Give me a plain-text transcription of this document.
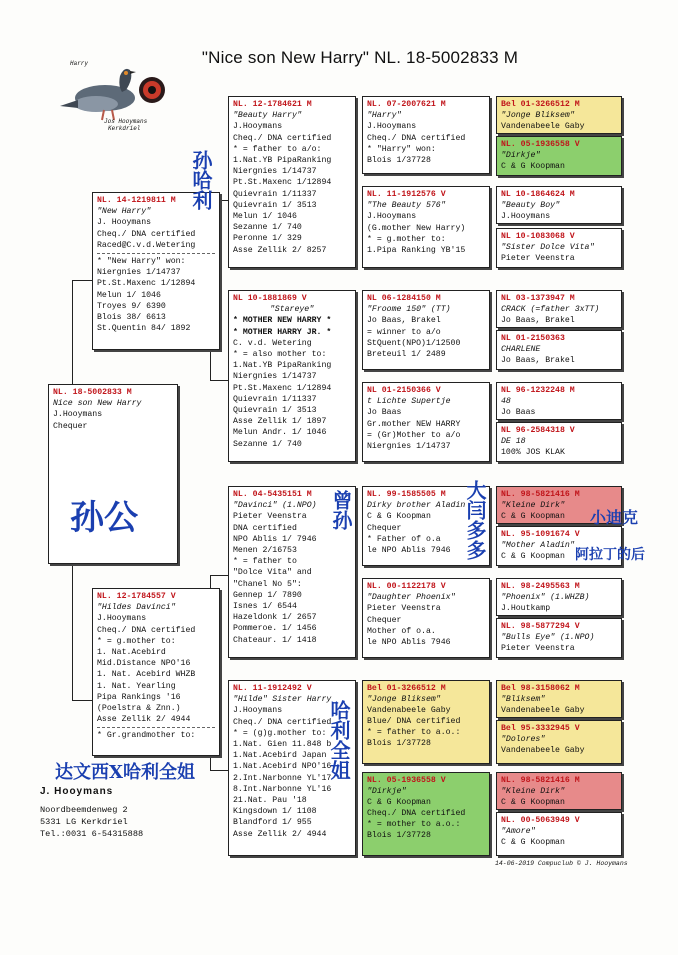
"Nice son New Harry" NL. 18-5002833 M
Harry
Jos Hooymans
Kerkdriel
NL. 18-5002833 M
Nice son New Harry
J.Hooymans
Chequer
NL. 14-1219811 M
"New Harry"
J. Hooymans
Cheq./ DNA certified
Raced@C.v.d.Wetering
* "New Harry" won:
Niergnies 1/14737
Pt.St.Maxenc 1/12894
Melun 1/ 1046
Troyes 9/ 6390
Blois 38/ 6613
St.Quentin 84/ 1892
NL. 12-1784557 V
"Hildes Davinci"
J.Hooymans
Cheq./ DNA certified
* = g.mother to:
1. Nat.Acebird
Mid.Distance NPO'16
1. Nat. Acebird WHZB
1. Nat. Yearling
Pipa Rankings '16
(Poelstra & Znn.)
Asse Zellik 2/ 4944
* Gr.grandmother to:
NL. 12-1784621 M
"Beauty Harry"
J.Hooymans
Cheq./ DNA certified
* = father to a/o:
1.Nat.YB PipaRanking
Niergnies 1/14737
Pt.St.Maxenc 1/12894
Quievrain 1/11337
Quievrain 1/ 3513
Melun 1/ 1046
Sezanne 1/ 740
Peronne 1/ 329
Asse Zellik 2/ 8257
NL 10-1881869 V
"Stareye"
* MOTHER NEW HARRY *
* MOTHER HARRY JR. *
C. v.d. Wetering
* = also mother to:
1.Nat.YB PipaRanking
Niergnies 1/14737
Pt.St.Maxenc 1/12894
Quievrain 1/11337
Quievrain 1/ 3513
Asse Zellik 1/ 1897
Melun Andr. 1/ 1046
Sezanne 1/ 740
NL. 04-5435151 M
"Davinci" (1.NPO)
Pieter Veenstra
DNA certified
NPO Ablis 1/ 7946
Menen 2/16753
* = father to
"Dolce Vita" and
"Chanel No 5":
Gennep 1/ 7890
Isnes 1/ 6544
Hazeldonk 1/ 2657
Pommeroe. 1/ 1456
Chateaur. 1/ 1418
NL. 11-1912492 V
"Hilde" Sister Harry
J.Hooymans
Cheq./ DNA certified
* = (g)g.mother to:
1.Nat. Gien 11.848 b
1.Nat.Acebird Japan
1.Nat.Acebird NPO'16
2.Int.Narbonne YL'17
8.Int.Narbonne YL'16
21.Nat. Pau '18
Kingsdown 1/ 1108
Blandford 1/ 955
Asse Zellik 2/ 4944
NL. 07-2007621 M
"Harry"
J.Hooymans
Cheq./ DNA certified
* "Harry" won:
Blois 1/37728
NL. 11-1912576 V
"The Beauty 576"
J.Hooymans
(G.mother New Harry)
* = g.mother to:
1.Pipa Ranking YB'15
NL 06-1284150 M
"Froome 150" (TT)
Jo Baas, Brakel
= winner to a/o
StQuent(NPO)1/12500
Breteuil 1/ 2489
NL 01-2150366 V
t Lichte Supertje
Jo Baas
Gr.mother NEW HARRY
= (Gr)Mother to a/o
Niergnies 1/14737
NL. 99-1585505 M
Dirky brother Aladin
C & G Koopman
Chequer
* Father of o.a
le NPO Ablis 7946
NL. 00-1122178 V
"Daughter Phoenix"
Pieter Veenstra
Chequer
Mother of o.a.
le NPO Ablis 7946
Bel 01-3266512 M
"Jonge Bliksem"
Vandenabeele Gaby
Blue/ DNA certified
* = father to a.o.:
Blois 1/37728
NL. 05-1936558 V
"Dirkje"
C & G Koopman
Cheq./ DNA certified
* = mother to a.o.:
Blois 1/37728
Bel 01-3266512 M
"Jonge Bliksem"
Vandenabeele Gaby
NL. 05-1936558 V
"Dirkje"
C & G Koopman
NL 10-1864624 M
"Beauty Boy"
J.Hooymans
NL 10-1083068 V
"Sister Dolce Vita"
Pieter Veenstra
NL 03-1373947 M
CRACK (=father 3xTT)
Jo Baas, Brakel
NL 01-2150363
CHARLENE
Jo Baas, Brakel
NL 96-1232248 M
48
Jo Baas
NL 96-2584318 V
DE 18
100% JOS KLAK
NL. 98-5821416 M
"Kleine Dirk"
C & G Koopman
NL. 95-1091674 V
"Mother Aladin"
C & G Koopman
NL. 98-2495563 M
"Phoenix" (1.WHZB)
J.Houtkamp
NL. 98-5877294 V
"Bulls Eye" (1.NPO)
Pieter Veenstra
Bel 98-3158062 M
"Bliksem"
Vandenabeele Gaby
Bel 95-3332945 V
"Dolores"
Vandenabeele Gaby
NL. 98-5821416 M
"Kleine Dirk"
C & G Koopman
NL. 00-5063949 V
"Amore"
C & G Koopman
孙哈利
孙公	曾孙	大闫多多	小迪克
阿拉丁的后
达文西X哈利全姐	哈利全姐
J. Hooymans
Noordbeemdenweg 2
5331 LG Kerkdriel
Tel.:0031 6-54315888
14-06-2019 Compuclub © J. Hooymans
